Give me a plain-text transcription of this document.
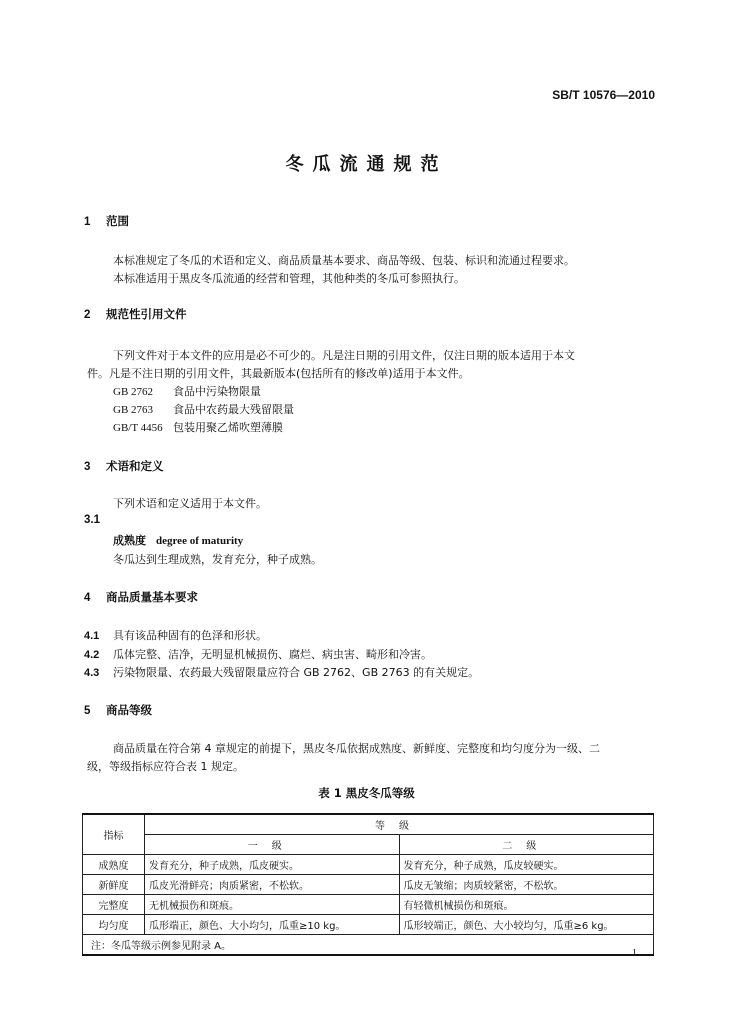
SB/T 10576—2010
冬瓜流通规范
1 范围
本标准规定了冬瓜的术语和定义、商品质量基本要求、商品等级、包装、标识和流通过程要求。
本标准适用于黑皮冬瓜流通的经营和管理，其他种类的冬瓜可参照执行。
2 规范性引用文件
下列文件对于本文件的应用是必不可少的。凡是注日期的引用文件，仅注日期的版本适用于本文
件。凡是不注日期的引用文件，其最新版本(包括所有的修改单)适用于本文件。
GB 2762 食品中污染物限量
GB 2763 食品中农药最大残留限量
GB/T 4456 包装用聚乙烯吹塑薄膜
3 术语和定义
下列术语和定义适用于本文件。
3.1
成熟度 degree of maturity
冬瓜达到生理成熟，发育充分，种子成熟。
4 商品质量基本要求
4.1 具有该品种固有的色泽和形状。
4.2 瓜体完整、洁净，无明显机械损伤、腐烂、病虫害、畸形和冷害。
4.3 污染物限量、农药最大残留限量应符合 GB 2762、GB 2763 的有关规定。
5 商品等级
商品质量在符合第 4 章规定的前提下，黑皮冬瓜依据成熟度、新鲜度、完整度和均匀度分为一级、二
级，等级指标应符合表 1 规定。
表 1 黑皮冬瓜等级
指标	等级	
	一级	二级
成熟度	发育充分，种子成熟，瓜皮硬实。	发育充分，种子成熟，瓜皮较硬实。
新鲜度	瓜皮光滑鲜亮；肉质紧密，不松软。	瓜皮无皱缩；肉质较紧密，不松软。
完整度	无机械损伤和斑痕。	有轻微机械损伤和斑痕。
均匀度	瓜形端正，颜色、大小均匀，瓜重≥10 kg。	瓜形较端正，颜色、大小较均匀，瓜重≥6 kg。
注：冬瓜等级示例参见附录 A。		
1
